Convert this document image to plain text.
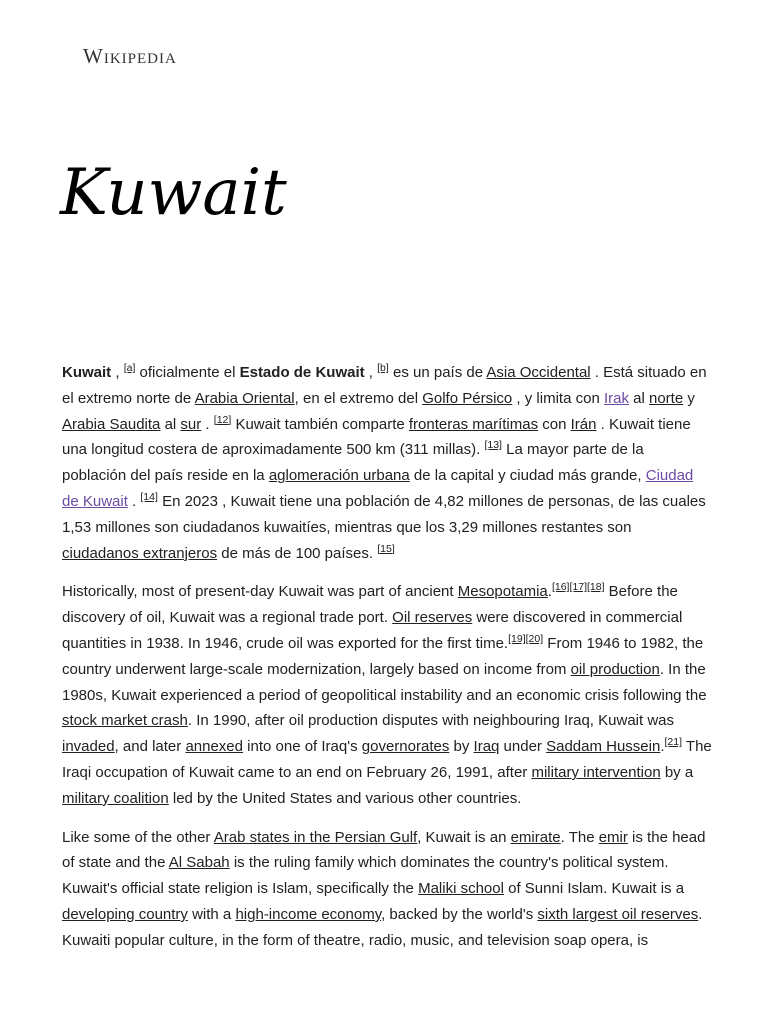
Wikipedia
Kuwait

Kuwait , [a] oficialmente el Estado de Kuwait , [b] es un país de Asia Occidental . Está situado en el extremo norte de Arabia Oriental, en el extremo del Golfo Pérsico , y limita con Irak al norte y Arabia Saudita al sur . [12] Kuwait también comparte fronteras marítimas con Irán . Kuwait tiene una longitud costera de aproximadamente 500 km (311 millas). [13] La mayor parte de la población del país reside en la aglomeración urbana de la capital y ciudad más grande, Ciudad de Kuwait . [14] En 2023 , Kuwait tiene una población de 4,82 millones de personas, de las cuales 1,53 millones son ciudadanos kuwaitíes, mientras que los 3,29 millones restantes son ciudadanos extranjeros de más de 100 países. [15]

Historically, most of present-day Kuwait was part of ancient Mesopotamia.[16][17][18] Before the discovery of oil, Kuwait was a regional trade port. Oil reserves were discovered in commercial quantities in 1938. In 1946, crude oil was exported for the first time.[19][20] From 1946 to 1982, the country underwent large-scale modernization, largely based on income from oil production. In the 1980s, Kuwait experienced a period of geopolitical instability and an economic crisis following the stock market crash. In 1990, after oil production disputes with neighbouring Iraq, Kuwait was invaded, and later annexed into one of Iraq's governorates by Iraq under Saddam Hussein.[21] The Iraqi occupation of Kuwait came to an end on February 26, 1991, after military intervention by a military coalition led by the United States and various other countries.

Like some of the other Arab states in the Persian Gulf, Kuwait is an emirate. The emir is the head of state and the Al Sabah is the ruling family which dominates the country's political system. Kuwait's official state religion is Islam, specifically the Maliki school of Sunni Islam. Kuwait is a developing country with a high-income economy, backed by the world's sixth largest oil reserves. Kuwaiti popular culture, in the form of theatre, radio, music, and television soap opera, is
